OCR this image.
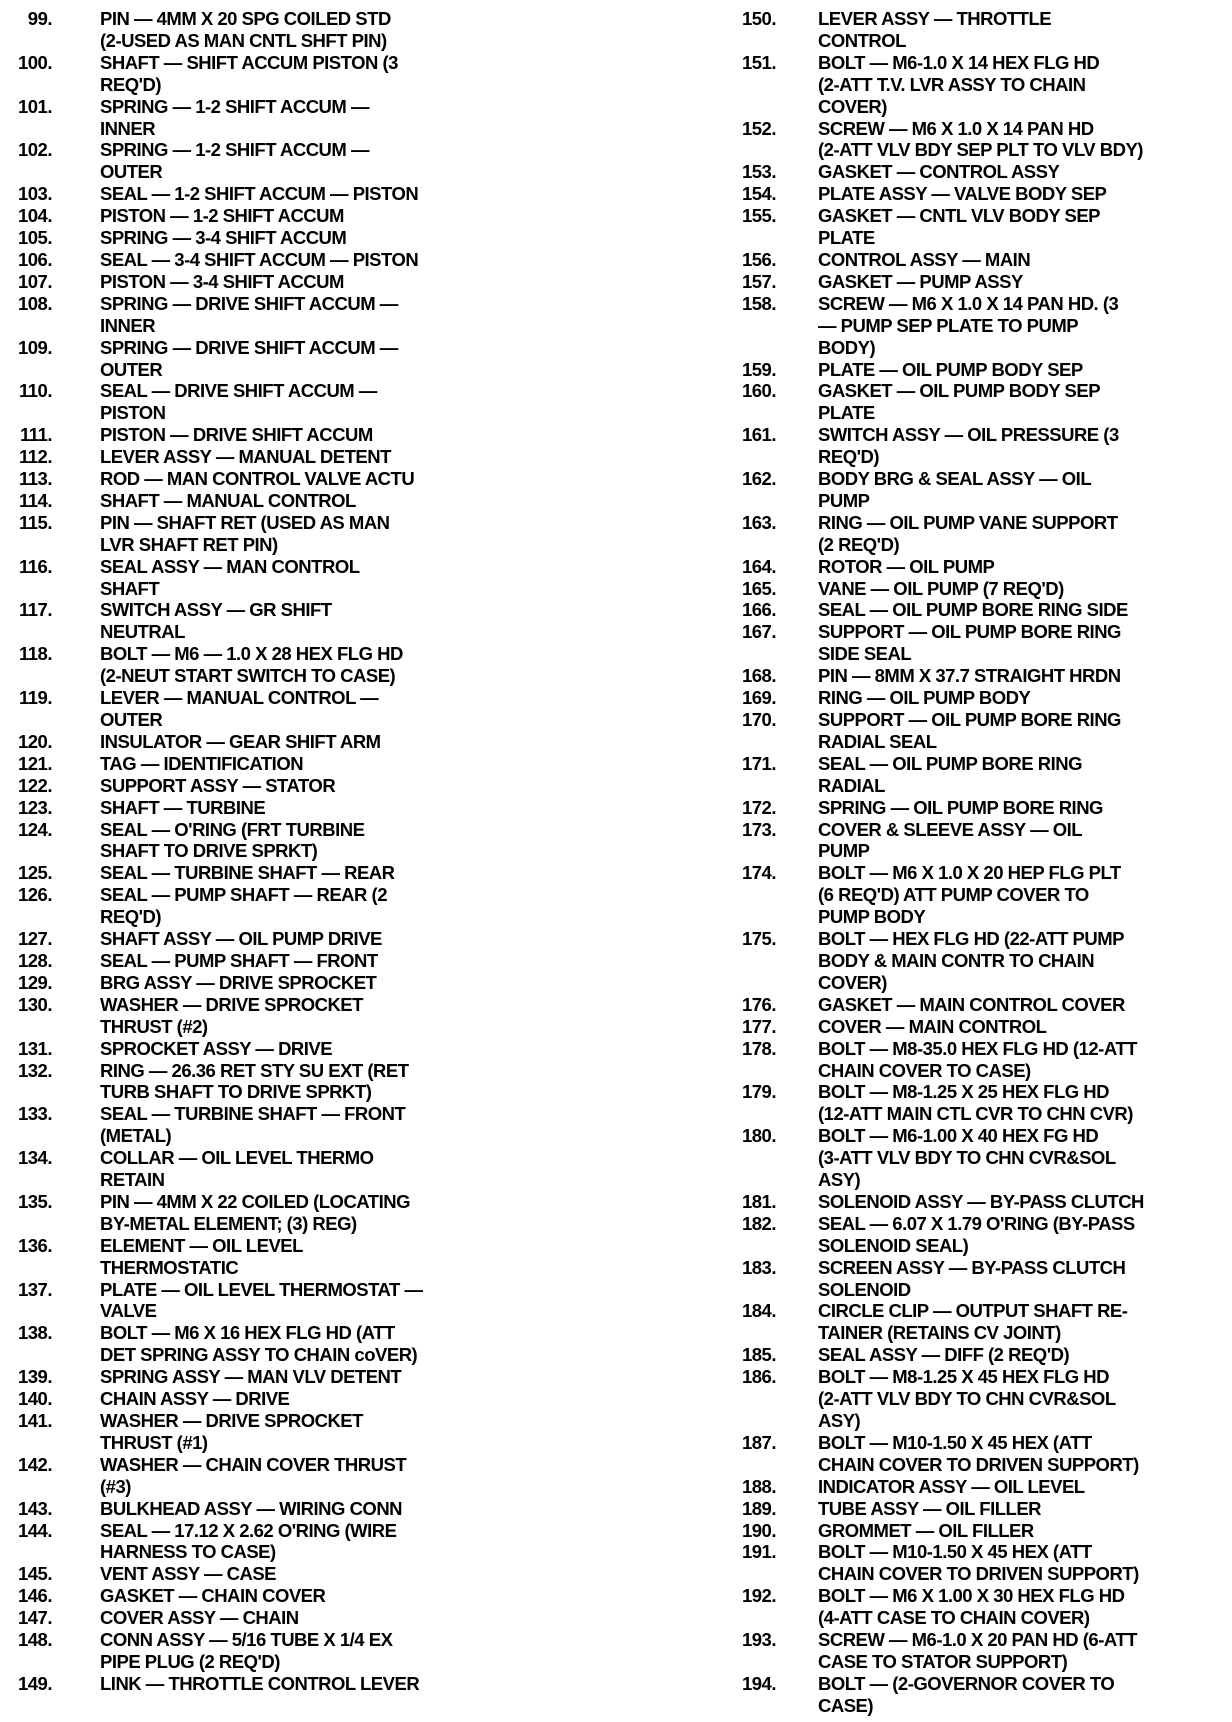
99.	PIN — 4MM X 20 SPG COILED STD
(2-USED AS MAN CNTL SHFT PIN)

100.	SHAFT — SHIFT ACCUM PISTON (3
REQ'D)

101.	SPRING — 1-2 SHIFT ACCUM —
INNER

102.	SPRING — 1-2 SHIFT ACCUM —
OUTER

103.	SEAL — 1-2 SHIFT ACCUM — PISTON

104.	PISTON — 1-2 SHIFT ACCUM

105.	SPRING — 3-4 SHIFT ACCUM

106.	SEAL — 3-4 SHIFT ACCUM — PISTON

107.	PISTON — 3-4 SHIFT ACCUM

108.	SPRING — DRIVE SHIFT ACCUM —
INNER

109.	SPRING — DRIVE SHIFT ACCUM —
OUTER

110.	SEAL — DRIVE SHIFT ACCUM —
PISTON

111.	PISTON — DRIVE SHIFT ACCUM

112.	LEVER ASSY — MANUAL DETENT

113.	ROD — MAN CONTROL VALVE ACTU

114.	SHAFT — MANUAL CONTROL

115.	PIN — SHAFT RET (USED AS MAN
LVR SHAFT RET PIN)

116.	SEAL ASSY — MAN CONTROL
SHAFT

117.	SWITCH ASSY — GR SHIFT
NEUTRAL

118.	BOLT — M6 — 1.0 X 28 HEX FLG HD
(2-NEUT START SWITCH TO CASE)

119.	LEVER — MANUAL CONTROL —
OUTER

120.	INSULATOR — GEAR SHIFT ARM

121.	TAG — IDENTIFICATION

122.	SUPPORT ASSY — STATOR

123.	SHAFT — TURBINE

124.	SEAL — O'RING (FRT TURBINE
SHAFT TO DRIVE SPRKT)

125.	SEAL — TURBINE SHAFT — REAR

126.	SEAL — PUMP SHAFT — REAR (2
REQ'D)

127.	SHAFT ASSY — OIL PUMP DRIVE

128.	SEAL — PUMP SHAFT — FRONT

129.	BRG ASSY — DRIVE SPROCKET

130.	WASHER — DRIVE SPROCKET
THRUST (#2)

131.	SPROCKET ASSY — DRIVE

132.	RING — 26.36 RET STY SU EXT (RET
TURB SHAFT TO DRIVE SPRKT)

133.	SEAL — TURBINE SHAFT — FRONT
(METAL)

134.	COLLAR — OIL LEVEL THERMO
RETAIN

135.	PIN — 4MM X 22 COILED (LOCATING
BY-METAL ELEMENT; (3) REG)

136.	ELEMENT — OIL LEVEL
THERMOSTATIC

137.	PLATE — OIL LEVEL THERMOSTAT —
VALVE

138.	BOLT — M6 X 16 HEX FLG HD (ATT
DET SPRING ASSY TO CHAIN coVER)

139.	SPRING ASSY — MAN VLV DETENT

140.	CHAIN ASSY — DRIVE

141.	WASHER — DRIVE SPROCKET
THRUST (#1)

142.	WASHER — CHAIN COVER THRUST
(#3)

143.	BULKHEAD ASSY — WIRING CONN

144.	SEAL — 17.12 X 2.62 O'RING (WIRE
HARNESS TO CASE)

145.	VENT ASSY — CASE

146.	GASKET — CHAIN COVER

147.	COVER ASSY — CHAIN

148.	CONN ASSY — 5/16 TUBE X 1/4 EX
PIPE PLUG (2 REQ'D)

149.	LINK — THROTTLE CONTROL LEVER

150. LEVER ASSY — THROTTLE
CONTROL

151. BOLT — M6-1.0 X 14 HEX FLG HD
(2-ATT T.V. LVR ASSY TO CHAIN
COVER)

152. SCREW — M6 X 1.0 X 14 PAN HD
(2-ATT VLV BDY SEP PLT TO VLV BDY)

153. GASKET — CONTROL ASSY

154. PLATE ASSY — VALVE BODY SEP

155. GASKET — CNTL VLV BODY SEP
PLATE

156. CONTROL ASSY — MAIN

157. GASKET — PUMP ASSY

158. SCREW — M6 X 1.0 X 14 PAN HD. (3
— PUMP SEP PLATE TO PUMP
BODY)

159. PLATE — OIL PUMP BODY SEP

160. GASKET — OIL PUMP BODY SEP
PLATE

161. SWITCH ASSY — OIL PRESSURE (3
REQ'D)

162. BODY BRG & SEAL ASSY — OIL
PUMP

163. RING — OIL PUMP VANE SUPPORT
(2 REQ'D)

164. ROTOR — OIL PUMP

165. VANE — OIL PUMP (7 REQ'D)

166. SEAL — OIL PUMP BORE RING SIDE

167. SUPPORT — OIL PUMP BORE RING
SIDE SEAL

168. PIN — 8MM X 37.7 STRAIGHT HRDN

169. RING — OIL PUMP BODY

170. SUPPORT — OIL PUMP BORE RING
RADIAL SEAL

171. SEAL — OIL PUMP BORE RING
RADIAL

172. SPRING — OIL PUMP BORE RING

173. COVER & SLEEVE ASSY — OIL
PUMP

174. BOLT — M6 X 1.0 X 20 HEP FLG PLT
(6 REQ'D) ATT PUMP COVER TO
PUMP BODY

175. BOLT — HEX FLG HD (22-ATT PUMP
BODY & MAIN CONTR TO CHAIN
COVER)

176. GASKET — MAIN CONTROL COVER

177. COVER — MAIN CONTROL

178. BOLT — M8-35.0 HEX FLG HD (12-ATT
CHAIN COVER TO CASE)

179. BOLT — M8-1.25 X 25 HEX FLG HD
(12-ATT MAIN CTL CVR TO CHN CVR)

180. BOLT — M6-1.00 X 40 HEX FG HD
(3-ATT VLV BDY TO CHN CVR&SOL
ASY)

181. SOLENOID ASSY — BY-PASS CLUTCH

182. SEAL — 6.07 X 1.79 O'RING (BY-PASS
SOLENOID SEAL)

183. SCREEN ASSY — BY-PASS CLUTCH
SOLENOID

184. CIRCLE CLIP — OUTPUT SHAFT RE-
TAINER (RETAINS CV JOINT)

185. SEAL ASSY — DIFF (2 REQ'D)

186. BOLT — M8-1.25 X 45 HEX FLG HD
(2-ATT VLV BDY TO CHN CVR&SOL
ASY)

187. BOLT — M10-1.50 X 45 HEX (ATT
CHAIN COVER TO DRIVEN SUPPORT)

188. INDICATOR ASSY — OIL LEVEL

189. TUBE ASSY — OIL FILLER

190. GROMMET — OIL FILLER

191. BOLT — M10-1.50 X 45 HEX (ATT
CHAIN COVER TO DRIVEN SUPPORT)

192. BOLT — M6 X 1.00 X 30 HEX FLG HD
(4-ATT CASE TO CHAIN COVER)

193. SCREW — M6-1.0 X 20 PAN HD (6-ATT
CASE TO STATOR SUPPORT)

194. BOLT — (2-GOVERNOR COVER TO
CASE)
